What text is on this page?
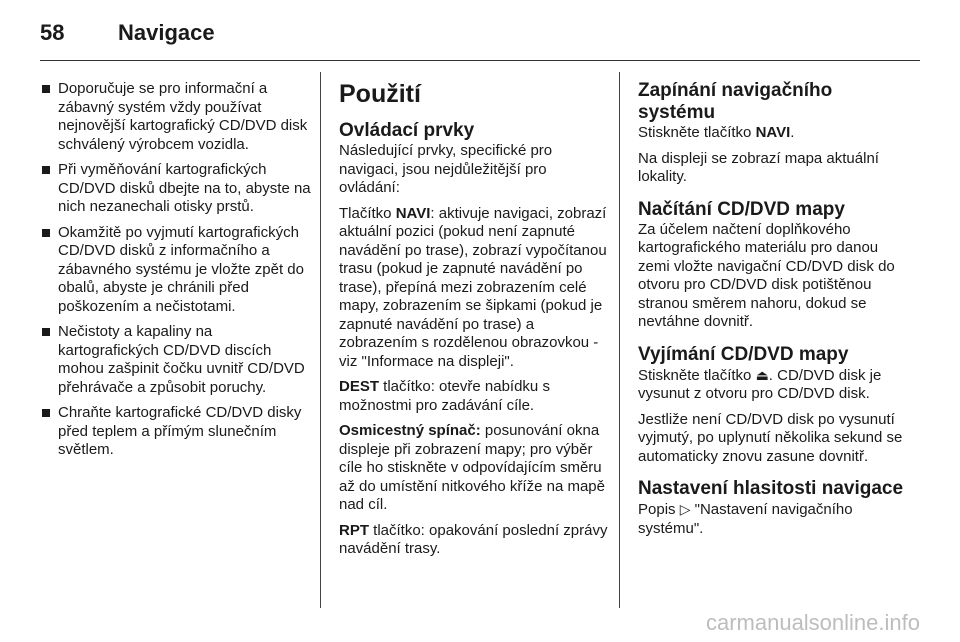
58	Navigace
Doporučuje se pro informační a zábavný systém vždy používat nejnovější kartografický CD/DVD disk schválený výrobcem vozidla.
Při vyměňování kartografických CD/DVD disků dbejte na to, abyste na nich nezanechali otisky prstů.
Okamžitě po vyjmutí kartografických CD/DVD disků z informačního a zábavného systému je vložte zpět do obalů, abyste je chránili před poškozením a nečistotami.
Nečistoty a kapaliny na kartografických CD/DVD discích mohou zašpinit čočku uvnitř CD/DVD přehrávače a způsobit poruchy.
Chraňte kartografické CD/DVD disky před teplem a přímým slunečním světlem.
Použití
Ovládací prvky

Následující prvky, specifické pro navigaci, jsou nejdůležitější pro ovládání:

Tlačítko NAVI: aktivuje navigaci, zobrazí aktuální pozici (pokud není zapnuté navádění po trase), zobrazí vypočítanou trasu (pokud je zapnuté navádění po trase), přepíná mezi zobrazením celé mapy, zobrazením se šipkami (pokud je zapnuté navádění po trase) a zobrazením s rozdělenou obrazovkou - viz "Informace na displeji".

DEST tlačítko: otevře nabídku s možnostmi pro zadávání cíle.

Osmicestný spínač: posunování okna displeje při zobrazení mapy; pro výběr cíle ho stiskněte v odpovídajícím směru až do umístění nitkového kříže na mapě nad cíl.

RPT tlačítko: opakování poslední zprávy navádění trasy.

Zapínání navigačního systému

Stiskněte tlačítko NAVI.

Na displeji se zobrazí mapa aktuální lokality.

Načítání CD/DVD mapy

Za účelem načtení doplňkového kartografického materiálu pro danou zemi vložte navigační CD/DVD disk do otvoru pro CD/DVD disk potištěnou stranou směrem nahoru, dokud se nevtáhne dovnitř.

Vyjímání CD/DVD mapy

Stiskněte tlačítko ⏏. CD/DVD disk je vysunut z otvoru pro CD/DVD disk.

Jestliže není CD/DVD disk po vysunutí vyjmutý, po uplynutí několika sekund se automaticky znovu zasune dovnitř.

Nastavení hlasitosti navigace

Popis ▷ "Nastavení navigačního systému".

carmanualsonline.info
